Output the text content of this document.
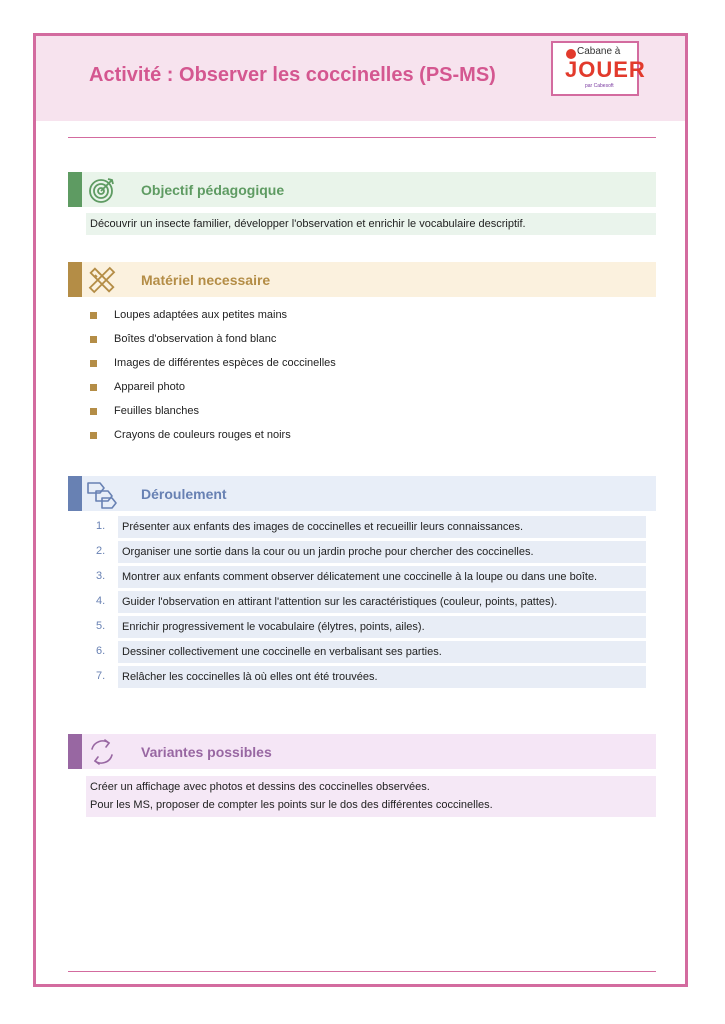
Activité : Observer les coccinelles (PS-MS)
Cabane à
JOUER
par Cabesoft
Objectif pédagogique
Découvrir un insecte familier, développer l'observation et enrichir le vocabulaire descriptif.
Matériel necessaire
Loupes adaptées aux petites mains
Boîtes d'observation à fond blanc
Images de différentes espèces de coccinelles
Appareil photo
Feuilles blanches
Crayons de couleurs rouges et noirs
Déroulement
1.	Présenter aux enfants des images de coccinelles et recueillir leurs connaissances.
2.	Organiser une sortie dans la cour ou un jardin proche pour chercher des coccinelles.
3.	Montrer aux enfants comment observer délicatement une coccinelle à la loupe ou dans une boîte.
4.	Guider l'observation en attirant l'attention sur les caractéristiques (couleur, points, pattes).
5.	Enrichir progressivement le vocabulaire (élytres, points, ailes).
6.	Dessiner collectivement une coccinelle en verbalisant ses parties.
7.	Relâcher les coccinelles là où elles ont été trouvées.
Variantes possibles
Créer un affichage avec photos et dessins des coccinelles observées.
Pour les MS, proposer de compter les points sur le dos des différentes coccinelles.
